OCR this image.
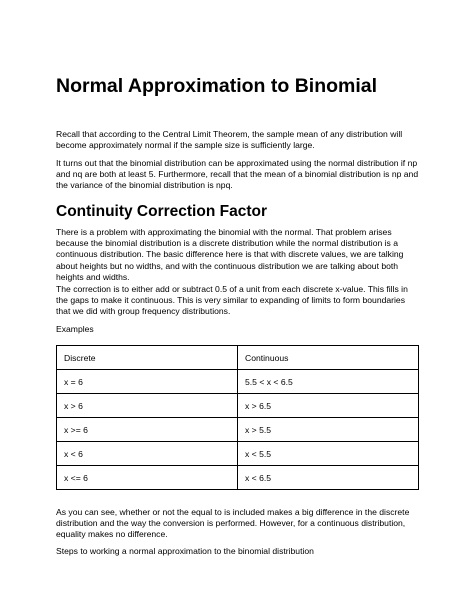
Normal Approximation to Binomial

Recall that according to the Central Limit Theorem, the sample mean of any distribution will

become approximately normal if the sample size is sufficiently large.

It turns out that the binomial distribution can be approximated using the normal distribution if np

and nq are both at least 5. Furthermore, recall that the mean of a binomial distribution is np and

the variance of the binomial distribution is npq.

Continuity Correction Factor

There is a problem with approximating the binomial with the normal. That problem arises

because the binomial distribution is a discrete distribution while the normal distribution is a

continuous distribution. The basic difference here is that with discrete values, we are talking

about heights but no widths, and with the continuous distribution we are talking about both

heights and widths.

The correction is to either add or subtract 0.5 of a unit from each discrete x-value. This fills in

the gaps to make it continuous. This is very similar to expanding of limits to form boundaries

that we did with group frequency distributions.

Examples
Discrete	Continuous
x = 6	5.5 < x < 6.5
x > 6	x > 6.5
x >= 6	x > 5.5
x < 6	x < 5.5
x <= 6	x < 6.5

As you can see, whether or not the equal to is included makes a big difference in the discrete

distribution and the way the conversion is performed. However, for a continuous distribution,

equality makes no difference.

Steps to working a normal approximation to the binomial distribution
